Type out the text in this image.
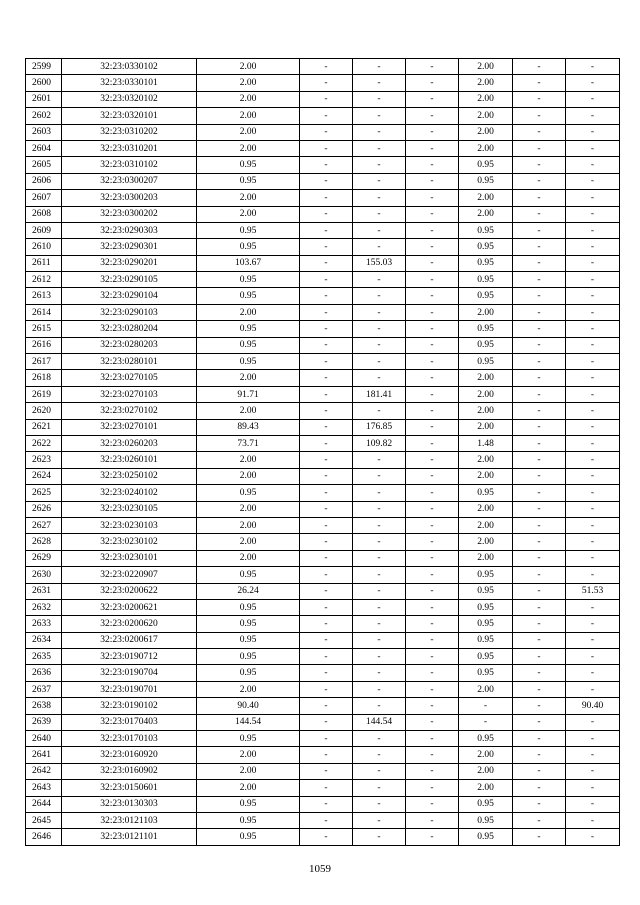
2599	32:23:0330102	2.00	-	-	-	2.00	-	-
2600	32:23:0330101	2.00	-	-	-	2.00	-	-
2601	32:23:0320102	2.00	-	-	-	2.00	-	-
2602	32:23:0320101	2.00	-	-	-	2.00	-	-
2603	32:23:0310202	2.00	-	-	-	2.00	-	-
2604	32:23:0310201	2.00	-	-	-	2.00	-	-
2605	32:23:0310102	0.95	-	-	-	0.95	-	-
2606	32:23:0300207	0.95	-	-	-	0.95	-	-
2607	32:23:0300203	2.00	-	-	-	2.00	-	-
2608	32:23:0300202	2.00	-	-	-	2.00	-	-
2609	32:23:0290303	0.95	-	-	-	0.95	-	-
2610	32:23:0290301	0.95	-	-	-	0.95	-	-
2611	32:23:0290201	103.67	-	155.03	-	0.95	-	-
2612	32:23:0290105	0.95	-	-	-	0.95	-	-
2613	32:23:0290104	0.95	-	-	-	0.95	-	-
2614	32:23:0290103	2.00	-	-	-	2.00	-	-
2615	32:23:0280204	0.95	-	-	-	0.95	-	-
2616	32:23:0280203	0.95	-	-	-	0.95	-	-
2617	32:23:0280101	0.95	-	-	-	0.95	-	-
2618	32:23:0270105	2.00	-	-	-	2.00	-	-
2619	32:23:0270103	91.71	-	181.41	-	2.00	-	-
2620	32:23:0270102	2.00	-	-	-	2.00	-	-
2621	32:23:0270101	89.43	-	176.85	-	2.00	-	-
2622	32:23:0260203	73.71	-	109.82	-	1.48	-	-
2623	32:23:0260101	2.00	-	-	-	2.00	-	-
2624	32:23:0250102	2.00	-	-	-	2.00	-	-
2625	32:23:0240102	0.95	-	-	-	0.95	-	-
2626	32:23:0230105	2.00	-	-	-	2.00	-	-
2627	32:23:0230103	2.00	-	-	-	2.00	-	-
2628	32:23:0230102	2.00	-	-	-	2.00	-	-
2629	32:23:0230101	2.00	-	-	-	2.00	-	-
2630	32:23:0220907	0.95	-	-	-	0.95	-	-
2631	32:23:0200622	26.24	-	-	-	0.95	-	51.53
2632	32:23:0200621	0.95	-	-	-	0.95	-	-
2633	32:23:0200620	0.95	-	-	-	0.95	-	-
2634	32:23:0200617	0.95	-	-	-	0.95	-	-
2635	32:23:0190712	0.95	-	-	-	0.95	-	-
2636	32:23:0190704	0.95	-	-	-	0.95	-	-
2637	32:23:0190701	2.00	-	-	-	2.00	-	-
2638	32:23:0190102	90.40	-	-	-	-	-	90.40
2639	32:23:0170403	144.54	-	144.54	-	-	-	-
2640	32:23:0170103	0.95	-	-	-	0.95	-	-
2641	32:23:0160920	2.00	-	-	-	2.00	-	-
2642	32:23:0160902	2.00	-	-	-	2.00	-	-
2643	32:23:0150601	2.00	-	-	-	2.00	-	-
2644	32:23:0130303	0.95	-	-	-	0.95	-	-
2645	32:23:0121103	0.95	-	-	-	0.95	-	-
2646	32:23:0121101	0.95	-	-	-	0.95	-	-
1059
